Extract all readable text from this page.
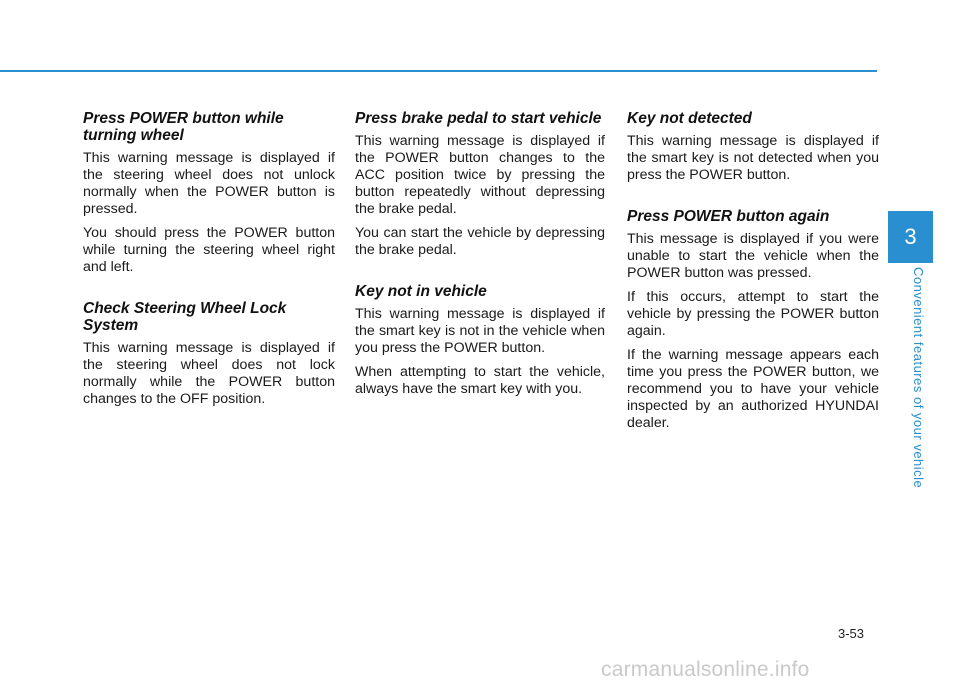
Press POWER button while turning wheel

This warning message is displayed if the steering wheel does not unlock normally when the POWER button is pressed.

You should press the POWER button while turning the steering wheel right and left.

Check Steering Wheel Lock System

This warning message is displayed if the steering wheel does not lock normally while the POWER button changes to the OFF position.

Press brake pedal to start vehicle

This warning message is displayed if the POWER button changes to the ACC position twice by pressing the button repeatedly without depressing the brake pedal.

You can start the vehicle by depressing the brake pedal.

Key not in vehicle

This warning message is displayed if the smart key is not in the vehicle when you press the POWER button.

When attempting to start the vehicle, always have the smart key with you.

Key not detected

This warning message is displayed if the smart key is not detected when you press the POWER button.

Press POWER button again

This message is displayed if you were unable to start the vehicle when the POWER button was pressed.

If this occurs, attempt to start the vehicle by pressing the POWER button again.

If the warning message appears each time you press the POWER button, we recommend you to have your vehicle inspected by an authorized HYUNDAI dealer.

3
Convenient features of your vehicle
3-53
carmanualsonline.info
